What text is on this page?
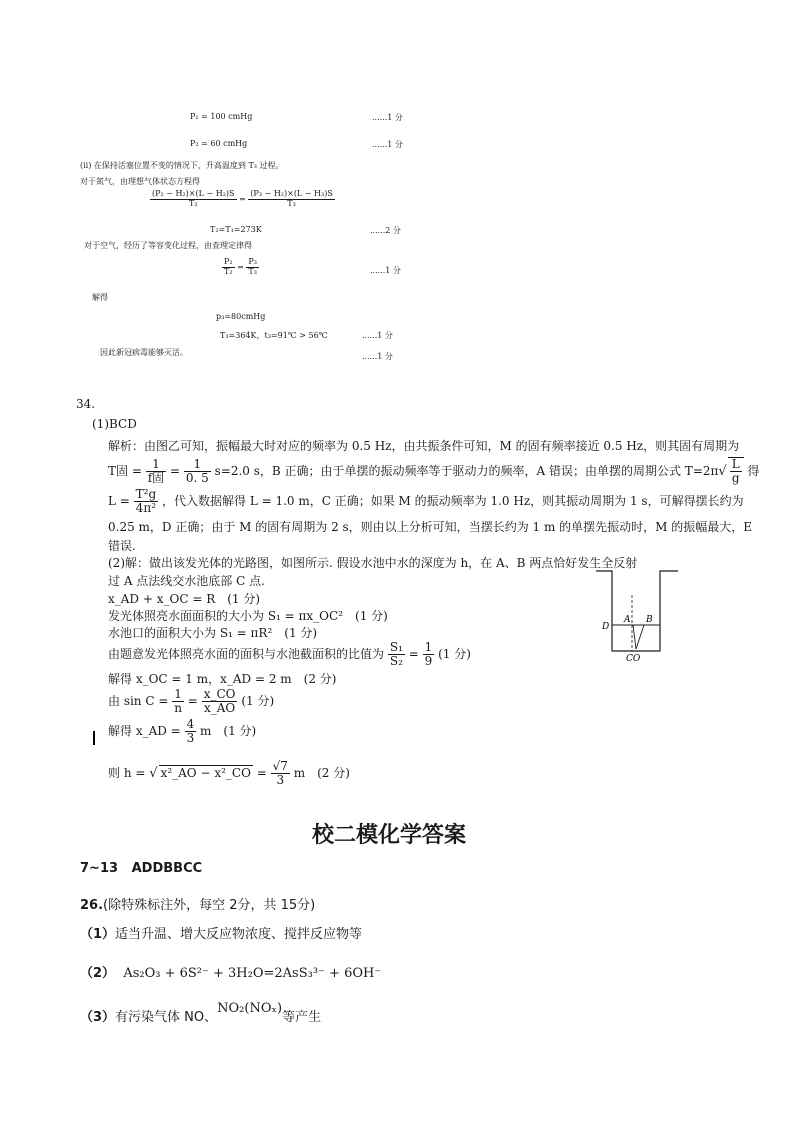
P₁ = 100 cmHg	......1 分
P₂ = 60 cmHg	......1 分
(ii) 在保持活塞位置不变的情况下，升高温度到 T₃ 过程。
对于氮气，由理想气体状态方程得
$\frac{\text{(P₂ − H₂)×(L − H₂)S}}{\text{T₂}} = \frac{\text{(P₃ − H₂)×(L − H₃)S}}{\text{T₃}}$
T₂=T₁=273K	......2 分
对于空气，经历了等容变化过程，由查理定律得
$\frac{\text{P₂}}{\text{T₂}} = \frac{\text{P₃}}{\text{T₃}}$	......1 分
解得
p₃=80cmHg
T₃=364K，t₃=91℃ > 56℃	......1 分
因此新冠病毒能够灭活。	......1 分
34.
(1)BCD
解析：由图乙可知，振幅最大时对应的频率为 0.5 Hz，由共振条件可知，M 的固有频率接近 0.5 Hz，则其固有周期为
T固 = $\frac{1}{\text{f固}} = \frac{1}{0. 5} s=2.0$ s，B 正确；由于单摆的振动频率等于驱动力的频率，A 错误；由单摆的周期公式 $T=2\pi√ \frac{L}{g}$ 得
$L = \frac{\text{T²g}}{\text{4π²}}$ ，代入数据解得 L = 1.0 m，C 正确；如果 M 的振动频率为 1.0 Hz，则其振动周期为 1 s，可解得摆长约为
0.25 m，D 正确；由于 M 的固有周期为 2 s，则由以上分析可知，当摆长约为 1 m 的单摆先振动时，M 的振幅最大，E
错误.
(2)解：做出该发光体的光路图，如图所示. 假设水池中水的深度为 h，在 A、B 两点恰好发生全反射
过 A 点法线交水池底部 C 点.
x_AD + x_OC = R　(1 分)
发光体照亮水面面积的大小为 S₁ = πx_OC²　(1 分)
水池口的面积大小为 S₁ = πR²　(1 分)
由题意发光体照亮水面的面积与水池截面积的比值为 $\frac{\text{S₁}}{\text{S₂}} = \frac{1}{9} (1$ 分)
解得 x_OC = 1 m，x_AD = 2 m　(2 分)
由 $\sin C = \frac{1}{n} = \frac{x\_CO}{x\_AO} (1$ 分)
解得 x_AD = $\frac{4}{3}$ m　(1 分)
则 h = √ x²_AO − x²_CO = $\frac{√7}{3}$ m　(2 分)
D
A B
CO
校二模化学答案
7~13 ADDBBCC
26.(除特殊标注外，每空 2分，共 15分)
（1）适当升温、增大反应物浓度、搅拌反应物等
（2） As₂O₃ + 6S²⁻ + 3H₂O=2AsS₃³⁻ + 6OH⁻
（3）有污染气体 NO、NO₂(NOₓ)等产生
